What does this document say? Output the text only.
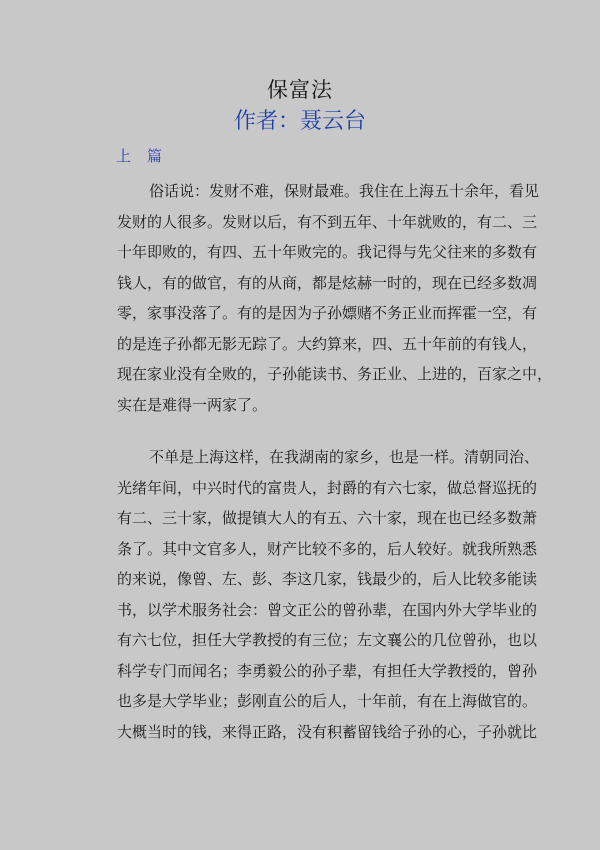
保富法
作者：聂云台
上 篇
俗话说：发财不难，保财最难。我住在上海五十余年，看见
发财的人很多。发财以后，有不到五年、十年就败的，有二、三
十年即败的，有四、五十年败完的。我记得与先父往来的多数有
钱人，有的做官，有的从商，都是炫赫一时的，现在已经多数凋
零，家事没落了。有的是因为子孙嫖赌不务正业而挥霍一空，有
的是连子孙都无影无踪了。大约算来，四、五十年前的有钱人，
现在家业没有全败的，子孙能读书、务正业、上进的，百家之中，
实在是难得一两家了。
不单是上海这样，在我湖南的家乡，也是一样。清朝同治、
光绪年间，中兴时代的富贵人，封爵的有六七家，做总督巡抚的
有二、三十家，做提镇大人的有五、六十家，现在也已经多数萧
条了。其中文官多人，财产比较不多的，后人较好。就我所熟悉
的来说，像曾、左、彭、李这几家，钱最少的，后人比较多能读
书，以学术服务社会：曾文正公的曾孙辈，在国内外大学毕业的
有六七位，担任大学教授的有三位；左文襄公的几位曾孙，也以
科学专门而闻名；李勇毅公的孙子辈，有担任大学教授的，曾孙
也多是大学毕业；彭刚直公的后人，十年前，有在上海做官的。
大概当时的钱，来得正路，没有积蓄留钱给子孙的心，子孙就比
